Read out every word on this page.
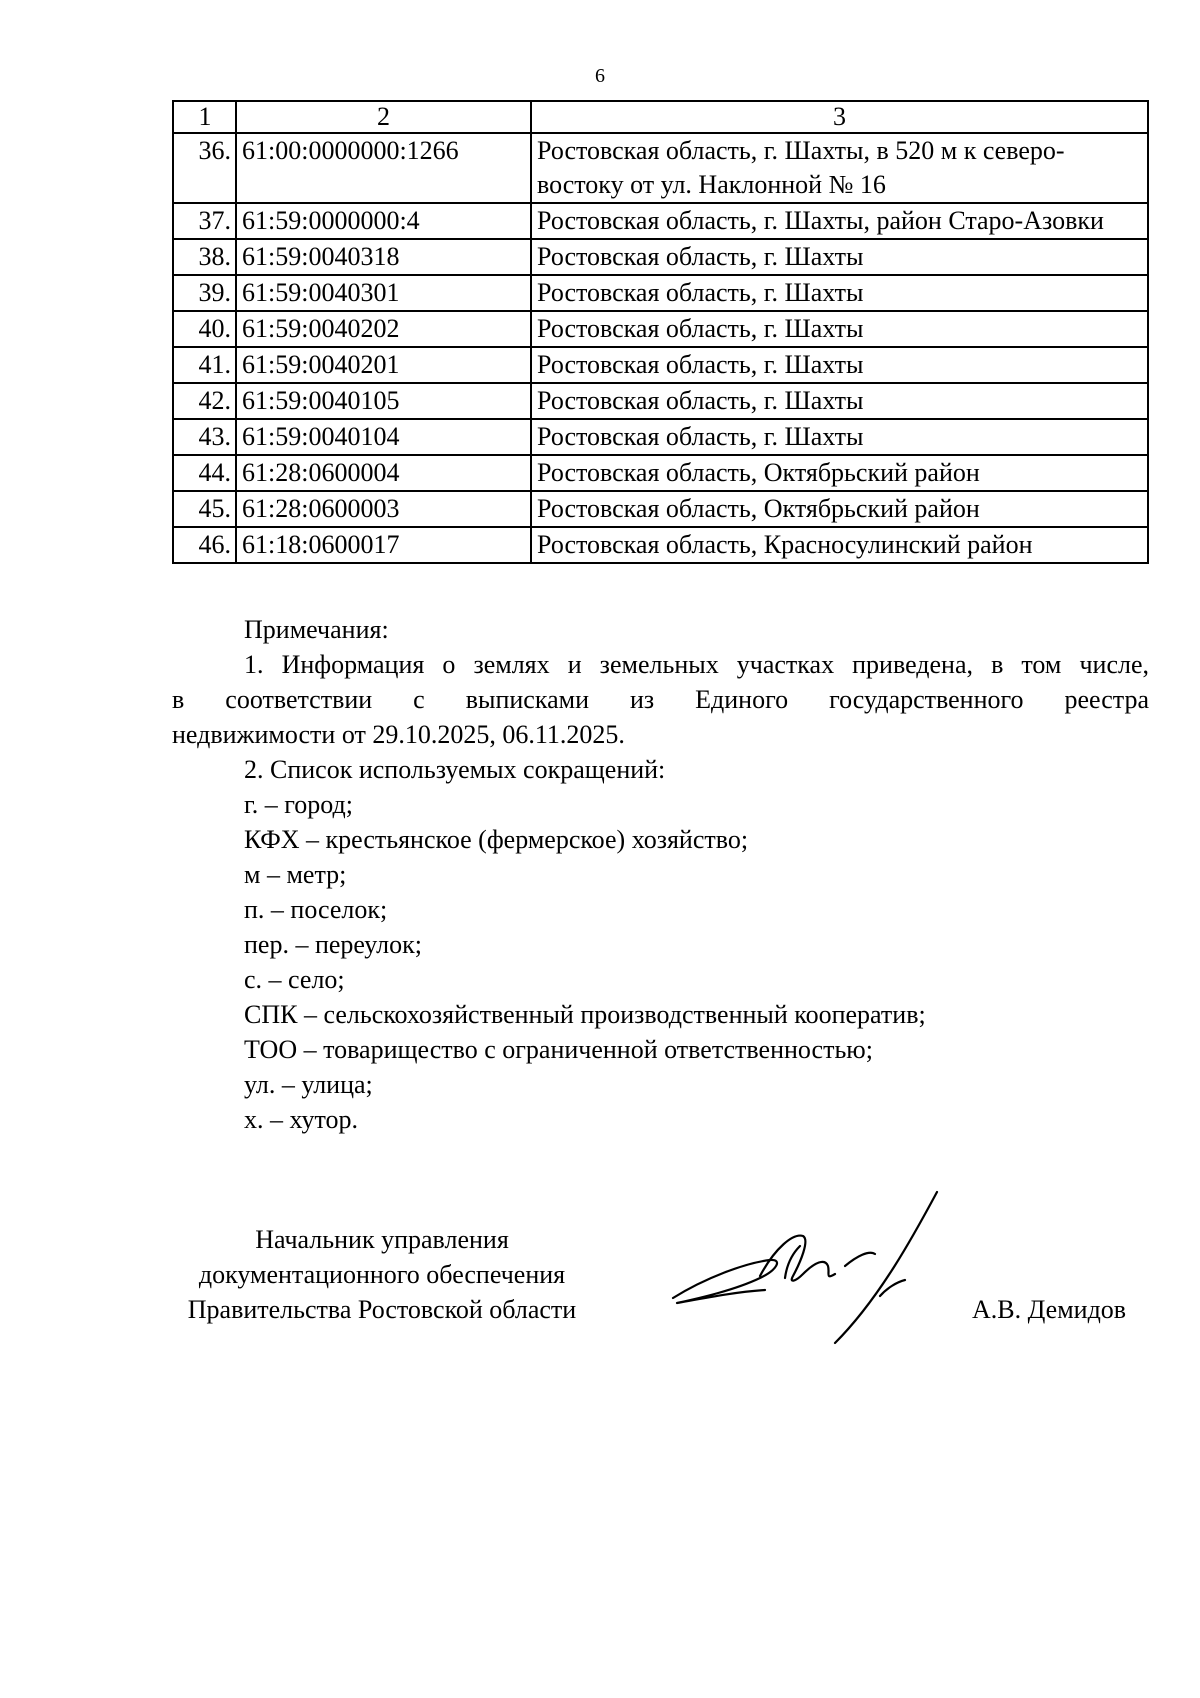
6
1	2	3
36.	61:00:0000000:1266	Ростовская область, г. Шахты, в 520 м к северо-востоку от ул. Наклонной № 16
37.	61:59:0000000:4	Ростовская область, г. Шахты, район Старо-Азовки
38.	61:59:0040318	Ростовская область, г. Шахты
39.	61:59:0040301	Ростовская область, г. Шахты
40.	61:59:0040202	Ростовская область, г. Шахты
41.	61:59:0040201	Ростовская область, г. Шахты
42.	61:59:0040105	Ростовская область, г. Шахты
43.	61:59:0040104	Ростовская область, г. Шахты
44.	61:28:0600004	Ростовская область, Октябрьский район
45.	61:28:0600003	Ростовская область, Октябрьский район
46.	61:18:0600017	Ростовская область, Красносулинский район

Примечания:

1. Информация о землях и земельных участках приведена, в том числе,

в соответствии с выписками из Единого государственного реестра

недвижимости от 29.10.2025, 06.11.2025.

2. Список используемых сокращений:

г. – город;

КФХ – крестьянское (фермерское) хозяйство;

м – метр;

п. – поселок;

пер. – переулок;

с. – село;

СПК – сельскохозяйственный производственный кооператив;

ТОО – товарищество с ограниченной ответственностью;

ул. – улица;

х. – хутор.

Начальник управления

документационного обеспечения

Правительства Ростовской области	А.В. Демидов
